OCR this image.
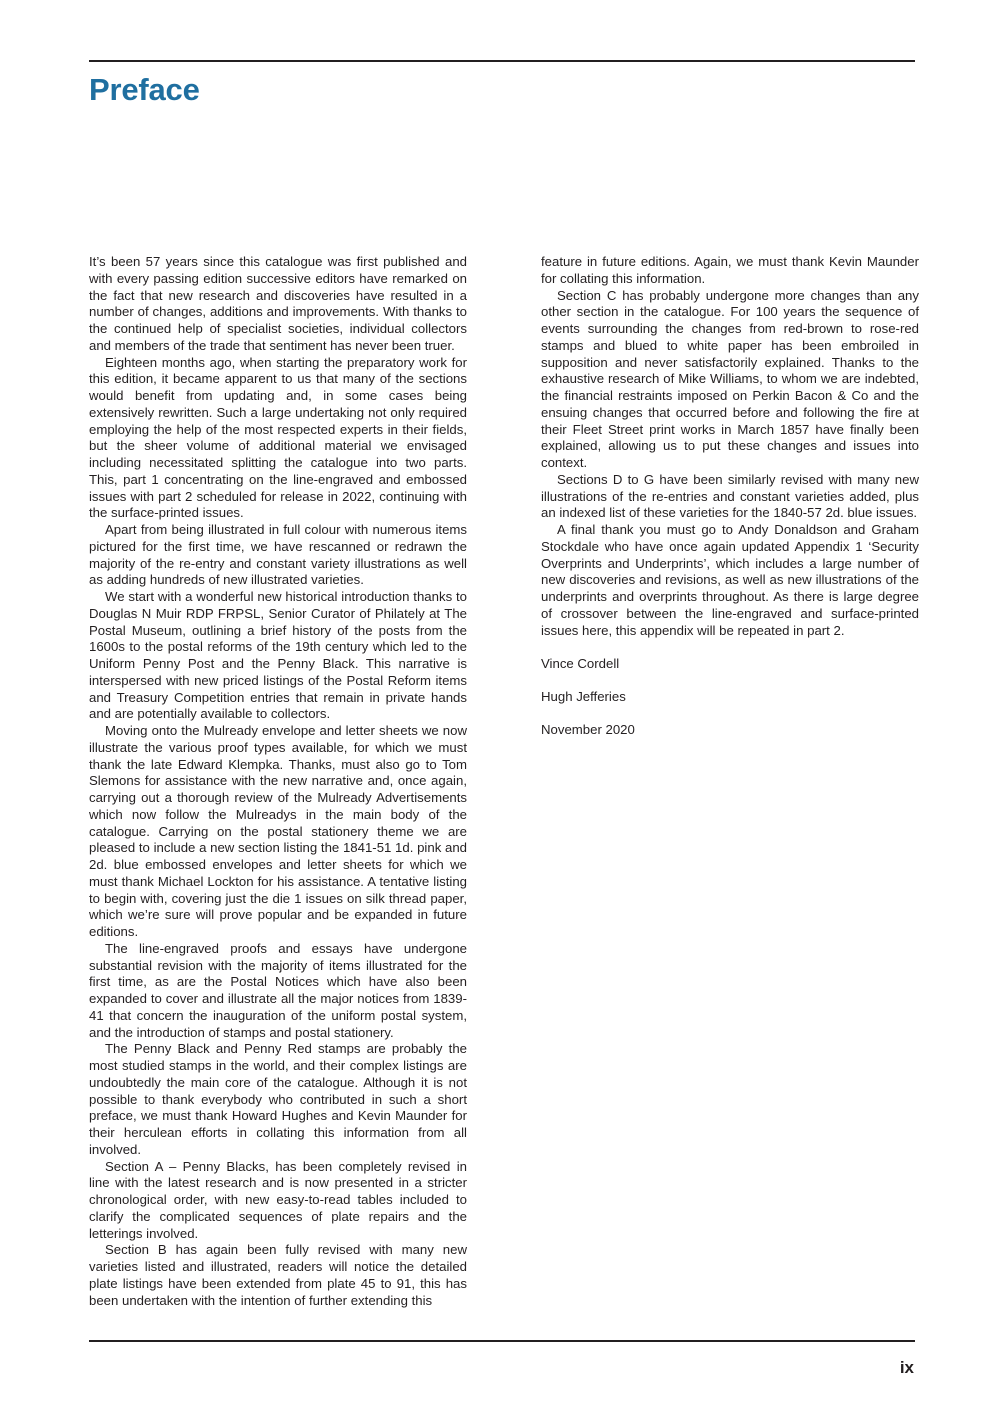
Preface

It’s been 57 years since this catalogue was first published and with every passing edition successive editors have remarked on the fact that new research and discoveries have resulted in a number of changes, additions and improvements. With thanks to the continued help of specialist societies, individual collectors and members of the trade that sentiment has never been truer.

Eighteen months ago, when starting the preparatory work for this edition, it became apparent to us that many of the sections would benefit from updating and, in some cases being extensively rewritten. Such a large undertaking not only required employing the help of the most respected experts in their fields, but the sheer volume of additional material we envisaged including necessitated splitting the catalogue into two parts. This, part 1 concentrating on the line-engraved and embossed issues with part 2 scheduled for release in 2022, continuing with the surface-printed issues.

Apart from being illustrated in full colour with numerous items pictured for the first time, we have rescanned or redrawn the majority of the re-entry and constant variety illustrations as well as adding hundreds of new illustrated varieties.

We start with a wonderful new historical introduction thanks to Douglas N Muir RDP FRPSL, Senior Curator of Philately at The Postal Museum, outlining a brief history of the posts from the 1600s to the postal reforms of the 19th century which led to the Uniform Penny Post and the Penny Black. This narrative is interspersed with new priced listings of the Postal Reform items and Treasury Competition entries that remain in private hands and are potentially available to collectors.

Moving onto the Mulready envelope and letter sheets we now illustrate the various proof types available, for which we must thank the late Edward Klempka. Thanks, must also go to Tom Slemons for assistance with the new narrative and, once again, carrying out a thorough review of the Mulready Advertisements which now follow the Mulreadys in the main body of the catalogue. Carrying on the postal stationery theme we are pleased to include a new section listing the 1841-51 1d. pink and 2d. blue embossed envelopes and letter sheets for which we must thank Michael Lockton for his assistance. A tentative listing to begin with, covering just the die 1 issues on silk thread paper, which we’re sure will prove popular and be expanded in future editions.

The line-engraved proofs and essays have undergone substantial revision with the majority of items illustrated for the first time, as are the Postal Notices which have also been expanded to cover and illustrate all the major notices from 1839-41 that concern the inauguration of the uniform postal system, and the introduction of stamps and postal stationery.

The Penny Black and Penny Red stamps are probably the most studied stamps in the world, and their complex listings are undoubtedly the main core of the catalogue. Although it is not possible to thank everybody who contributed in such a short preface, we must thank Howard Hughes and Kevin Maunder for their herculean efforts in collating this information from all involved.

Section A – Penny Blacks, has been completely revised in line with the latest research and is now presented in a stricter chronological order, with new easy-to-read tables included to clarify the complicated sequences of plate repairs and the letterings involved.

Section B has again been fully revised with many new varieties listed and illustrated, readers will notice the detailed plate listings have been extended from plate 45 to 91, this has been undertaken with the intention of further extending this

feature in future editions. Again, we must thank Kevin Maunder for collating this information.

Section C has probably undergone more changes than any other section in the catalogue. For 100 years the sequence of events surrounding the changes from red-brown to rose-red stamps and blued to white paper has been embroiled in supposition and never satisfactorily explained. Thanks to the exhaustive research of Mike Williams, to whom we are indebted, the financial restraints imposed on Perkin Bacon & Co and the ensuing changes that occurred before and following the fire at their Fleet Street print works in March 1857 have finally been explained, allowing us to put these changes and issues into context.

Sections D to G have been similarly revised with many new illustrations of the re-entries and constant varieties added, plus an indexed list of these varieties for the 1840-57 2d. blue issues.

A final thank you must go to Andy Donaldson and Graham Stockdale who have once again updated Appendix 1 ‘Security Overprints and Underprints’, which includes a large number of new discoveries and revisions, as well as new illustrations of the underprints and overprints throughout. As there is large degree of crossover between the line-engraved and surface-printed issues here, this appendix will be repeated in part 2.

Vince Cordell

Hugh Jefferies

November 2020

ix
